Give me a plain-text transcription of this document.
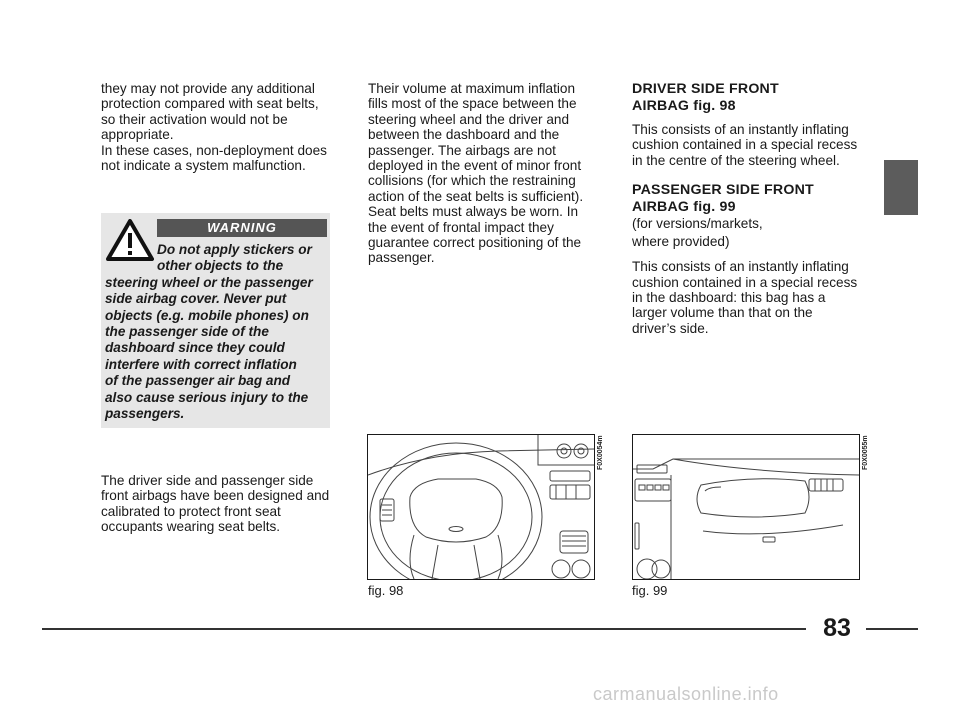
they may not provide any additional

protection compared with seat belts,

so their activation would not be

appropriate.

In these cases, non-deployment does

not indicate a system malfunction.

WARNING
Do not apply stickers or
other objects to the
steering wheel or the passenger
side airbag cover. Never put
objects (e.g. mobile phones) on
the passenger side of the
dashboard since they could
interfere with correct inflation
of the passenger air bag and
also cause serious injury to the
passengers.

The driver side and passenger side

front airbags have been designed and

calibrated to protect front seat

occupants wearing seat belts.

Their volume at maximum inflation

fills most of the space between the

steering wheel and the driver and

between the dashboard and the

passenger. The airbags are not

deployed in the event of minor front

collisions (for which the restraining

action of the seat belts is sufficient).

Seat belts must always be worn. In

the event of frontal impact they

guarantee correct positioning of the

passenger.

DRIVER SIDE FRONT

AIRBAG fig. 98

This consists of an instantly inflating

cushion contained in a special recess

in the centre of the steering wheel.

PASSENGER SIDE FRONT

AIRBAG fig. 99

(for versions/markets,

where provided)

This consists of an instantly inflating

cushion contained in a special recess

in the dashboard: this bag has a

larger volume than that on the

driver’s side.

F0X0054m
fig. 98
F0X0055m
fig. 99
83
carmanualsonline.info
